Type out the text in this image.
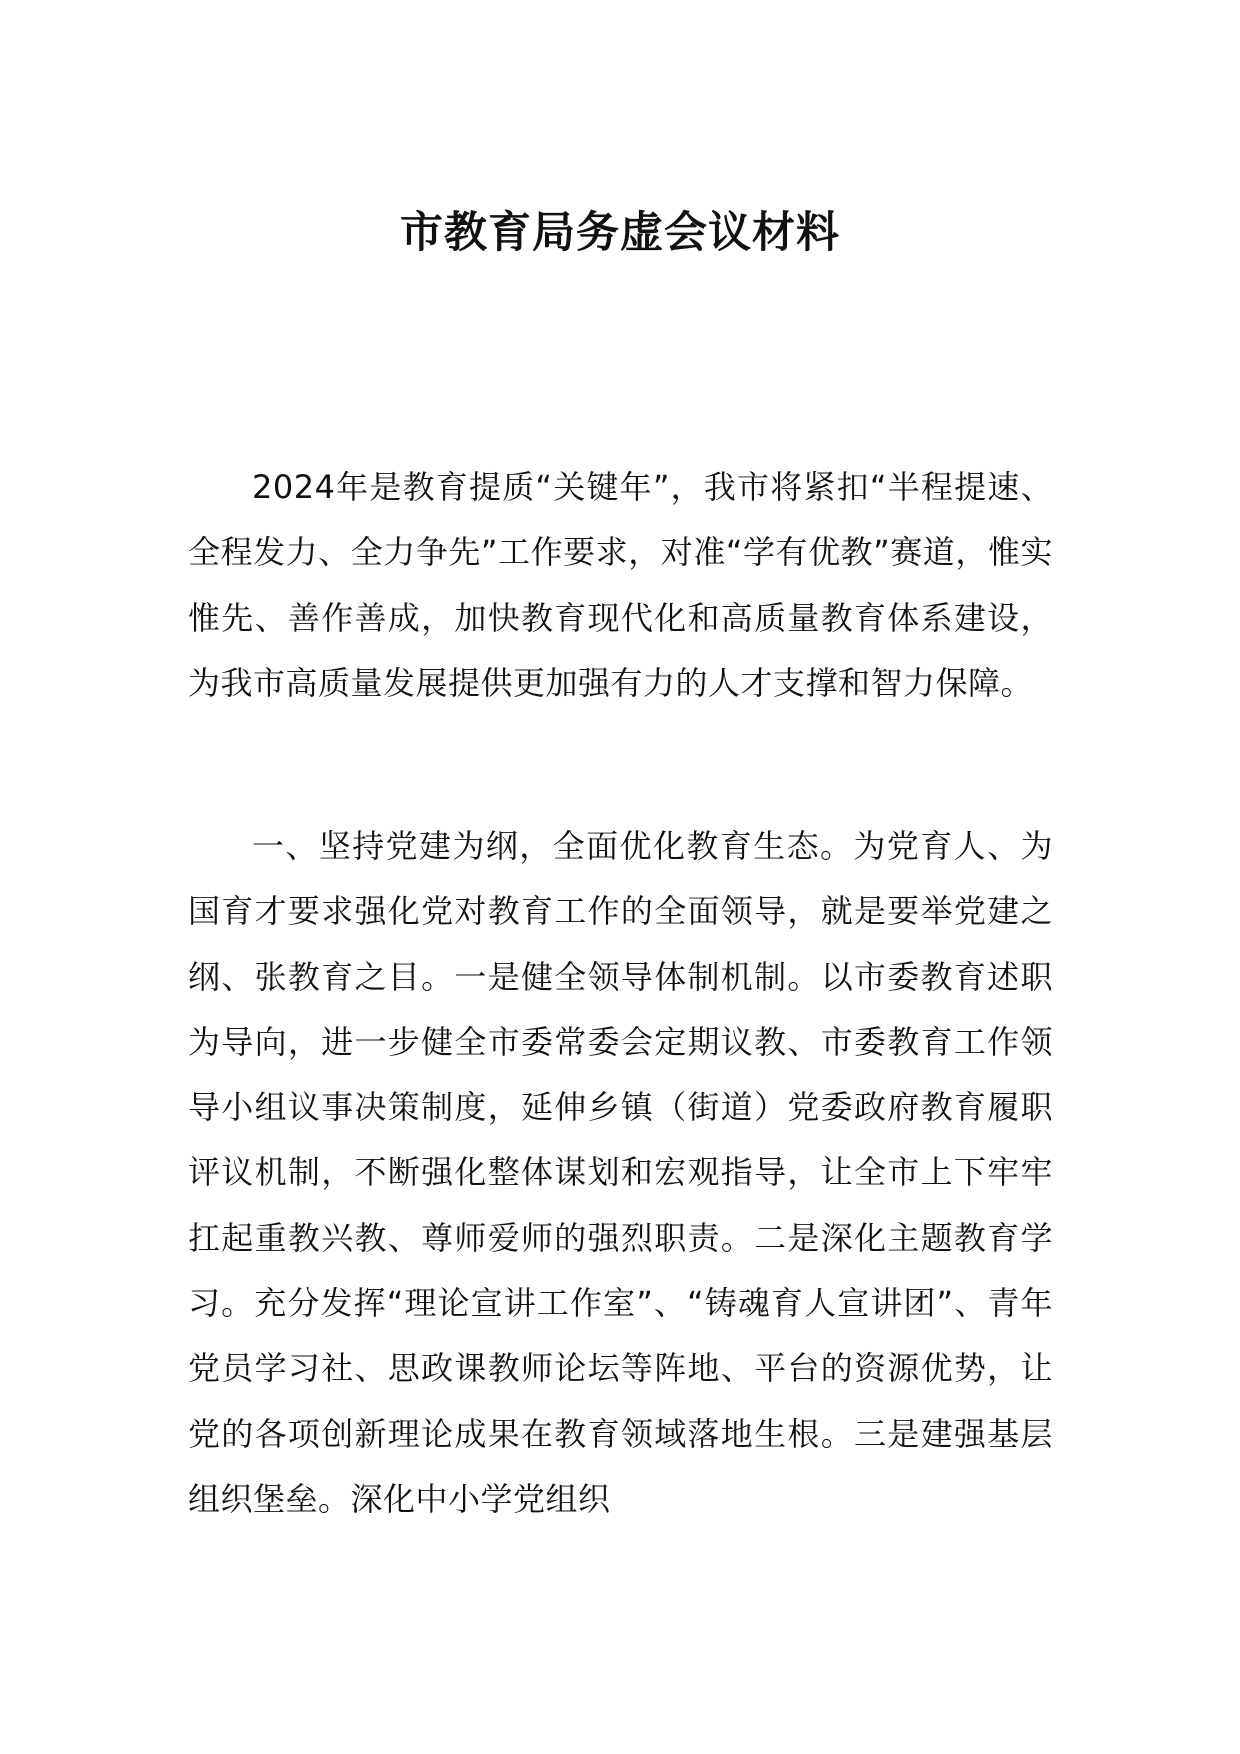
市教育局务虚会议材料

2024年是教育提质“关键年”，我市将紧扣“半程提速、全程发力、全力争先”工作要求，对准“学有优教”赛道，惟实惟先、善作善成，加快教育现代化和高质量教育体系建设，为我市高质量发展提供更加强有力的人才支撑和智力保障。

一、坚持党建为纲，全面优化教育生态。为党育人、为国育才要求强化党对教育工作的全面领导，就是要举党建之纲、张教育之目。一是健全领导体制机制。以市委教育述职为导向，进一步健全市委常委会定期议教、市委教育工作领导小组议事决策制度，延伸乡镇（街道）党委政府教育履职评议机制，不断强化整体谋划和宏观指导，让全市上下牢牢扛起重教兴教、尊师爱师的强烈职责。二是深化主题教育学习。充分发挥“理论宣讲工作室”、“铸魂育人宣讲团”、青年党员学习社、思政课教师论坛等阵地、平台的资源优势，让党的各项创新理论成果在教育领域落地生根。三是建强基层组织堡垒。深化中小学党组织
